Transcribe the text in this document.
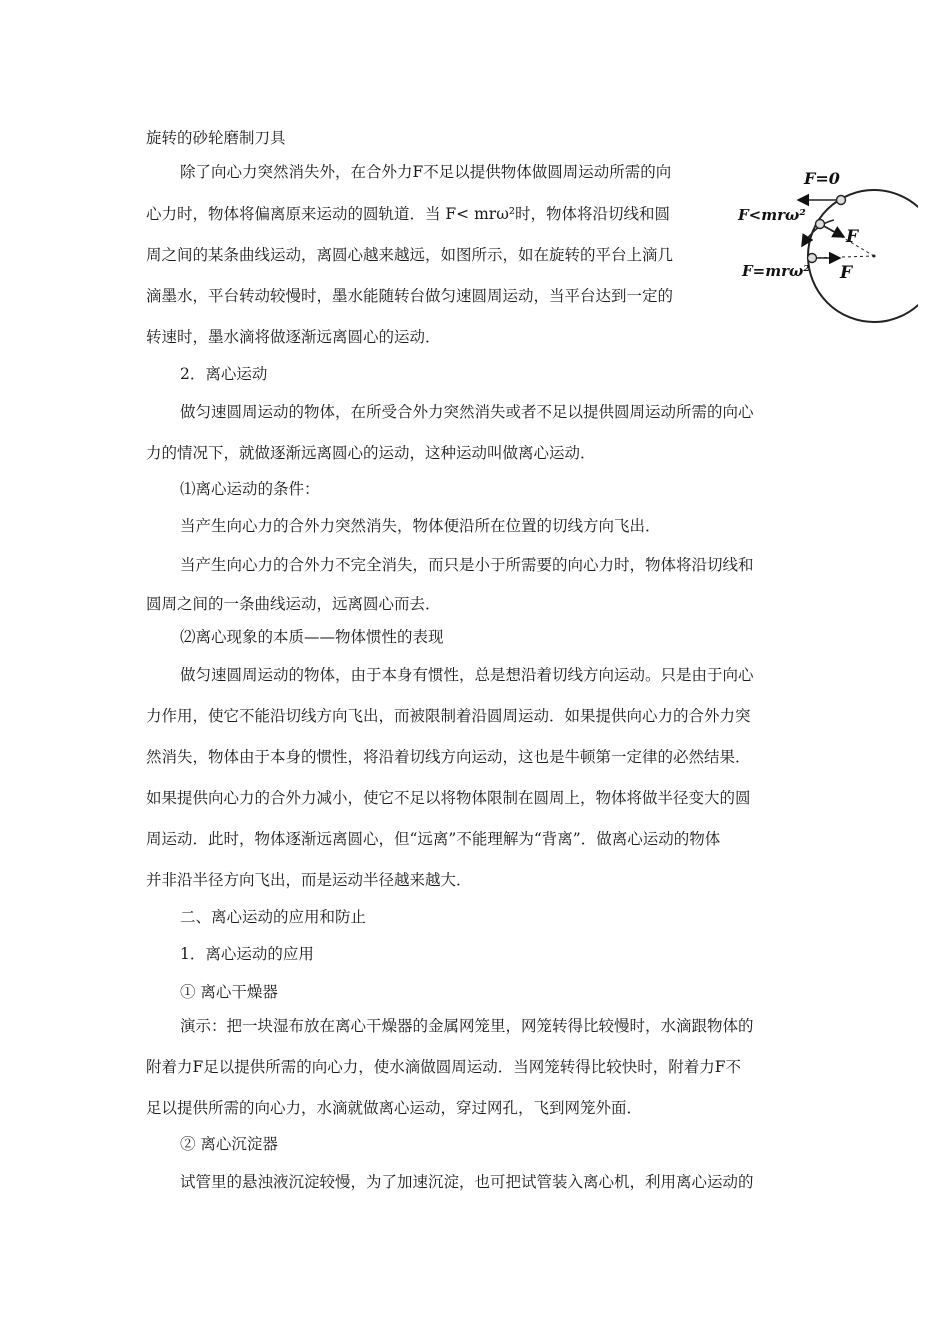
旋转的砂轮磨制刀具
除了向心力突然消失外，在合外力F不足以提供物体做圆周运动所需的向
心力时，物体将偏离原来运动的圆轨道．当 F< mrω²时，物体将沿切线和圆
周之间的某条曲线运动，离圆心越来越远，如图所示，如在旋转的平台上滴几
滴墨水，平台转动较慢时，墨水能随转台做匀速圆周运动，当平台达到一定的
转速时，墨水滴将做逐渐远离圆心的运动．
2．离心运动
做匀速圆周运动的物体，在所受合外力突然消失或者不足以提供圆周运动所需的向心
力的情况下，就做逐渐远离圆心的运动，这种运动叫做离心运动．
⑴离心运动的条件：
当产生向心力的合外力突然消失，物体便沿所在位置的切线方向飞出．
当产生向心力的合外力不完全消失，而只是小于所需要的向心力时，物体将沿切线和
圆周之间的一条曲线运动，远离圆心而去．
⑵离心现象的本质——物体惯性的表现
做匀速圆周运动的物体，由于本身有惯性，总是想沿着切线方向运动。只是由于向心
力作用，使它不能沿切线方向飞出，而被限制着沿圆周运动．如果提供向心力的合外力突
然消失，物体由于本身的惯性，将沿着切线方向运动，这也是牛顿第一定律的必然结果．
如果提供向心力的合外力减小，使它不足以将物体限制在圆周上，物体将做半径变大的圆
周运动．此时，物体逐渐远离圆心，但“远离”不能理解为“背离”．做离心运动的物体
并非沿半径方向飞出，而是运动半径越来越大．
二、离心运动的应用和防止
1．离心运动的应用
① 离心干燥器
演示：把一块湿布放在离心干燥器的金属网笼里，网笼转得比较慢时，水滴跟物体的
附着力F足以提供所需的向心力，使水滴做圆周运动．当网笼转得比较快时，附着力F不
足以提供所需的向心力，水滴就做离心运动，穿过网孔，飞到网笼外面．
② 离心沉淀器
试管里的悬浊液沉淀较慢，为了加速沉淀，也可把试管装入离心机，利用离心运动的
F=0
F<mrω²
F=mrω²
F
F
